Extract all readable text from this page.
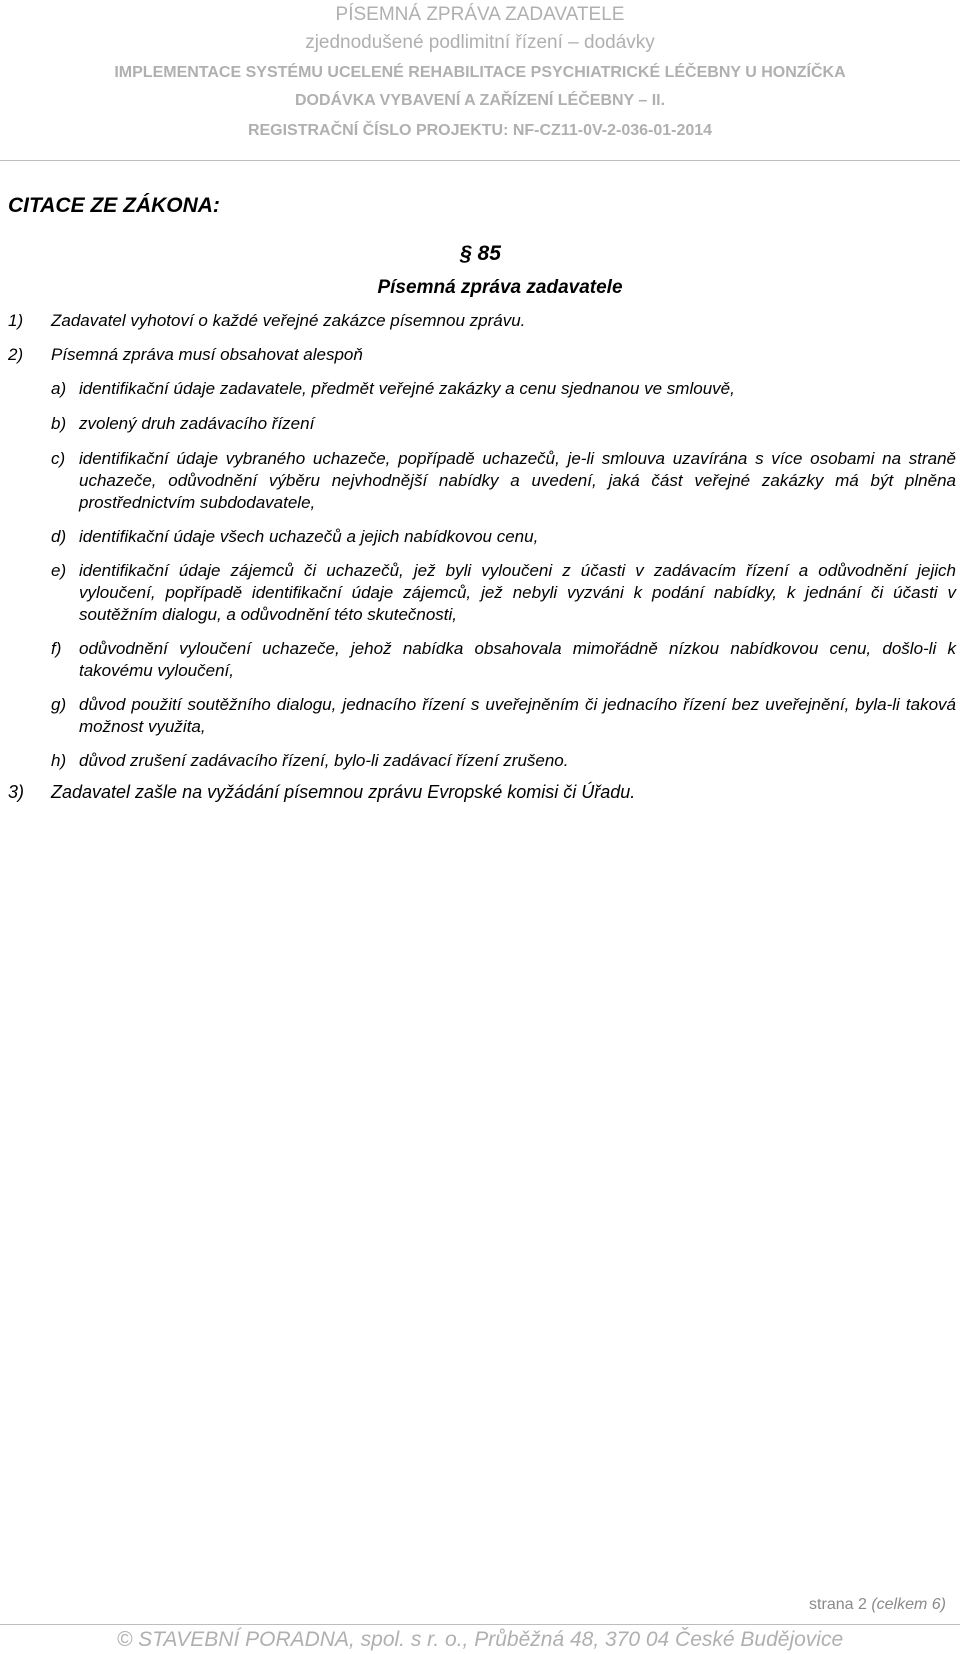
PÍSEMNÁ ZPRÁVA ZADAVATELE
zjednodušené podlimitní řízení – dodávky
IMPLEMENTACE SYSTÉMU UCELENÉ REHABILITACE PSYCHIATRICKÉ LÉČEBNY U HONZÍČKA
DODÁVKA VYBAVENÍ A ZAŘÍZENÍ LÉČEBNY – II.
REGISTRAČNÍ ČÍSLO PROJEKTU: NF-CZ11-0V-2-036-01-2014
CITACE ZE ZÁKONA:
§ 85
Písemná zpráva zadavatele
1)	Zadavatel vyhotoví o každé veřejné zakázce písemnou zprávu.
2)	Písemná zpráva musí obsahovat alespoň
a) identifikační údaje zadavatele, předmět veřejné zakázky a cenu sjednanou ve smlouvě,
b) zvolený druh zadávacího řízení
c) identifikační údaje vybraného uchazeče, popřípadě uchazečů, je-li smlouva uzavírána s více osobami na straně uchazeče, odůvodnění výběru nejvhodnější nabídky a uvedení, jaká část veřejné zakázky má být plněna prostřednictvím subdodavatele,
d) identifikační údaje všech uchazečů a jejich nabídkovou cenu,
e) identifikační údaje zájemců či uchazečů, jež byli vyloučeni z účasti v zadávacím řízení a odůvodnění jejich vyloučení, popřípadě identifikační údaje zájemců, jež nebyli vyzváni k podání nabídky, k jednání či účasti v soutěžním dialogu, a odůvodnění této skutečnosti,
f)	odůvodnění vyloučení uchazeče, jehož nabídka obsahovala mimořádně nízkou nabídkovou cenu, došlo-li k takovému vyloučení,
g) důvod použití soutěžního dialogu, jednacího řízení s uveřejněním či jednacího řízení bez uveřejnění, byla-li taková možnost využita,
h) důvod zrušení zadávacího řízení, bylo-li zadávací řízení zrušeno.
3)	Zadavatel zašle na vyžádání písemnou zprávu Evropské komisi či Úřadu.
strana 2 (celkem 6)
© STAVEBNÍ PORADNA, spol. s r. o., Průběžná 48, 370 04 České Budějovice
